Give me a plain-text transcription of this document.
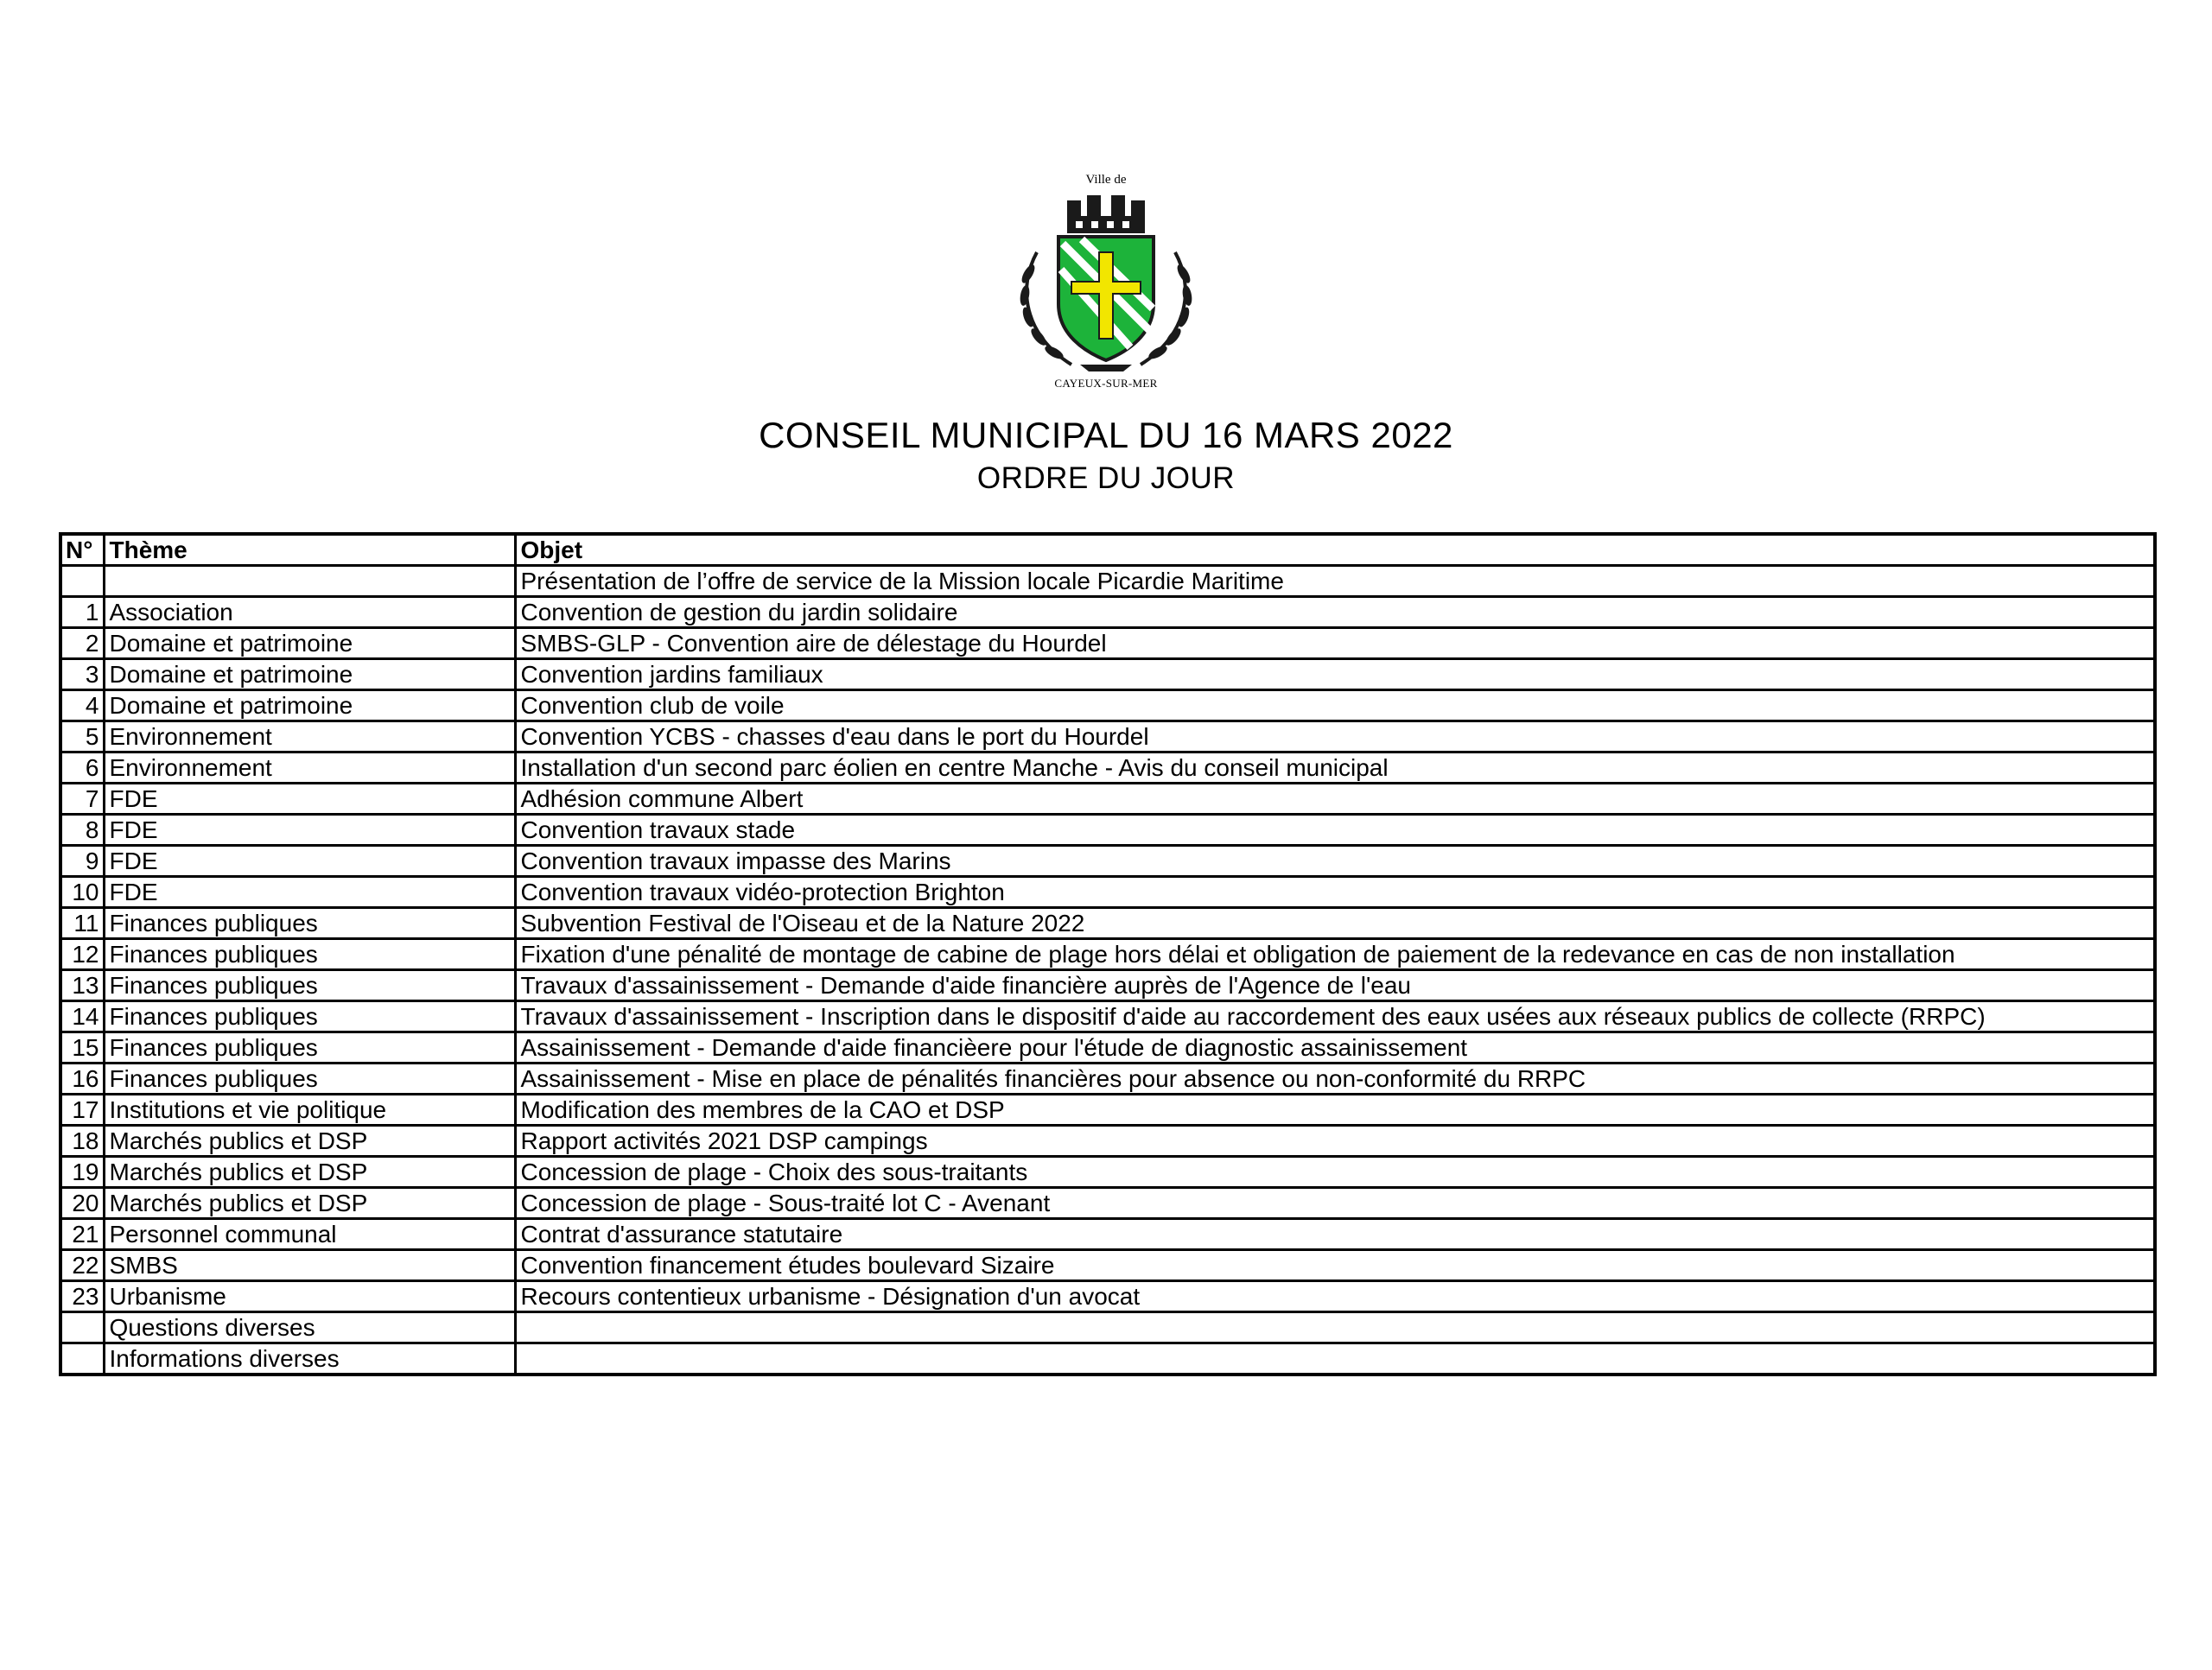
Ville de
CAYEUX-SUR-MER
CONSEIL MUNICIPAL DU 16 MARS 2022
ORDRE DU JOUR
N°	Thème	Objet
		Présentation de l’offre de service de la Mission locale Picardie Maritime
1	Association	Convention de gestion du jardin solidaire
2	Domaine et patrimoine	SMBS-GLP - Convention aire de délestage du Hourdel
3	Domaine et patrimoine	Convention jardins familiaux
4	Domaine et patrimoine	Convention club de voile
5	Environnement	Convention YCBS - chasses d'eau dans le port du Hourdel
6	Environnement	Installation d'un second parc éolien en centre Manche - Avis du conseil municipal
7	FDE	Adhésion commune Albert
8	FDE	Convention travaux stade
9	FDE	Convention travaux impasse des Marins
10	FDE	Convention travaux vidéo-protection Brighton
11	Finances publiques	Subvention Festival de l'Oiseau et de la Nature 2022
12	Finances publiques	Fixation d'une pénalité de montage de cabine de plage hors délai et obligation de paiement de la redevance en cas de non installation
13	Finances publiques	Travaux d'assainissement - Demande d'aide financière auprès de l'Agence de l'eau
14	Finances publiques	Travaux d'assainissement - Inscription dans le dispositif d'aide au raccordement des eaux usées aux réseaux publics de collecte (RRPC)
15	Finances publiques	Assainissement - Demande d'aide financièere pour l'étude de diagnostic assainissement
16	Finances publiques	Assainissement - Mise en place de pénalités financières pour absence ou non-conformité du RRPC
17	Institutions et vie politique	Modification des membres de la CAO et DSP
18	Marchés publics et DSP	Rapport activités 2021 DSP campings
19	Marchés publics et DSP	Concession de plage - Choix des sous-traitants
20	Marchés publics et DSP	Concession de plage - Sous-traité lot C - Avenant
21	Personnel communal	Contrat d'assurance statutaire
22	SMBS	Convention financement études boulevard Sizaire
23	Urbanisme	Recours contentieux urbanisme - Désignation d'un avocat
	Questions diverses	
	Informations diverses	
